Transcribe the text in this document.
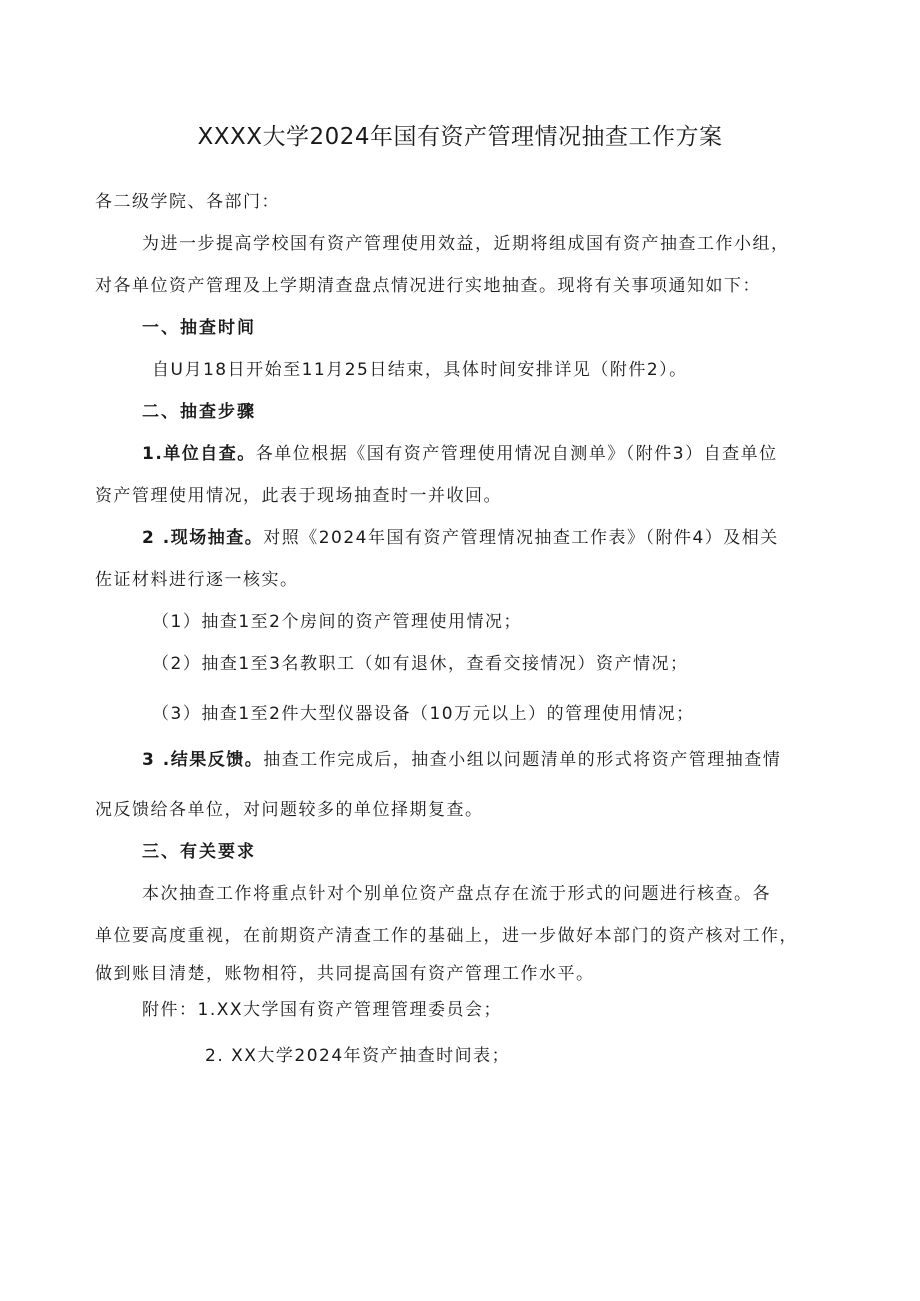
XXXX大学2024年国有资产管理情况抽查工作方案
各二级学院、各部门：
为进一步提高学校国有资产管理使用效益，近期将组成国有资产抽查工作小组，
对各单位资产管理及上学期清查盘点情况进行实地抽查。现将有关事项通知如下：
一、抽查时间
自U月18日开始至11月25日结束，具体时间安排详见（附件2）。
二、抽查步骤
1.单位自查。各单位根据《国有资产管理使用情况自测单》（附件3）自查单位
资产管理使用情况，此表于现场抽查时一并收回。
2 .现场抽查。对照《2024年国有资产管理情况抽查工作表》（附件4）及相关
佐证材料进行逐一核实。
（1）抽查1至2个房间的资产管理使用情况；
（2）抽查1至3名教职工（如有退休，查看交接情况）资产情况；
（3）抽查1至2件大型仪器设备（10万元以上）的管理使用情况；
3 .结果反馈。抽查工作完成后，抽查小组以问题清单的形式将资产管理抽查情
况反馈给各单位，对问题较多的单位择期复查。
三、有关要求
本次抽查工作将重点针对个别单位资产盘点存在流于形式的问题进行核查。各
单位要高度重视，在前期资产清查工作的基础上，进一步做好本部门的资产核对工作，
做到账目清楚，账物相符，共同提高国有资产管理工作水平。
附件：1.XX大学国有资产管理管理委员会；
2. XX大学2024年资产抽查时间表；
